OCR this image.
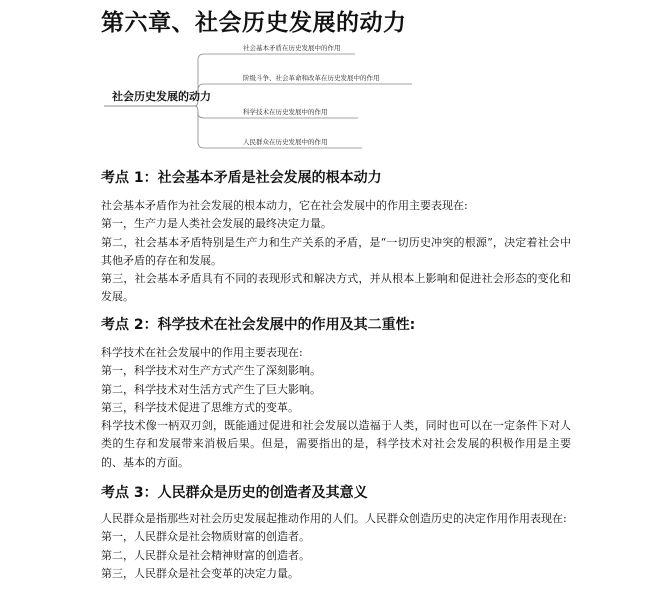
第六章、社会历史发展的动力
社会历史发展的动力
社会基本矛盾在历史发展中的作用
阶级斗争、社会革命和改革在历史发展中的作用
科学技术在历史发展中的作用
人民群众在历史发展中的作用
考点 1：社会基本矛盾是社会发展的根本动力

社会基本矛盾作为社会发展的根本动力，它在社会发展中的作用主要表现在:

第一，生产力是人类社会发展的最终决定力量。

第二，社会基本矛盾特别是生产力和生产关系的矛盾，是“一切历史冲突的根源”，决定着社会中其他矛盾的存在和发展。

第三，社会基本矛盾具有不同的表现形式和解决方式，并从根本上影响和促进社会形态的变化和发展。

考点 2：科学技术在社会发展中的作用及其二重性:

科学技术在社会发展中的作用主要表现在:

第一，科学技术对生产方式产生了深刻影响。

第二，科学技术对生活方式产生了巨大影响。

第三，科学技术促进了思维方式的变革。

科学技术像一柄双刃剑，既能通过促进和社会发展以造福于人类，同时也可以在一定条件下对人类的生存和发展带来消极后果。但是，需要指出的是，科学技术对社会发展的积极作用是主要的、基本的方面。

考点 3：人民群众是历史的创造者及其意义

人民群众是指那些对社会历史发展起推动作用的人们。人民群众创造历史的决定作用作用表现在:

第一，人民群众是社会物质财富的创造者。

第二，人民群众是社会精神财富的创造者。

第三，人民群众是社会变革的决定力量。
